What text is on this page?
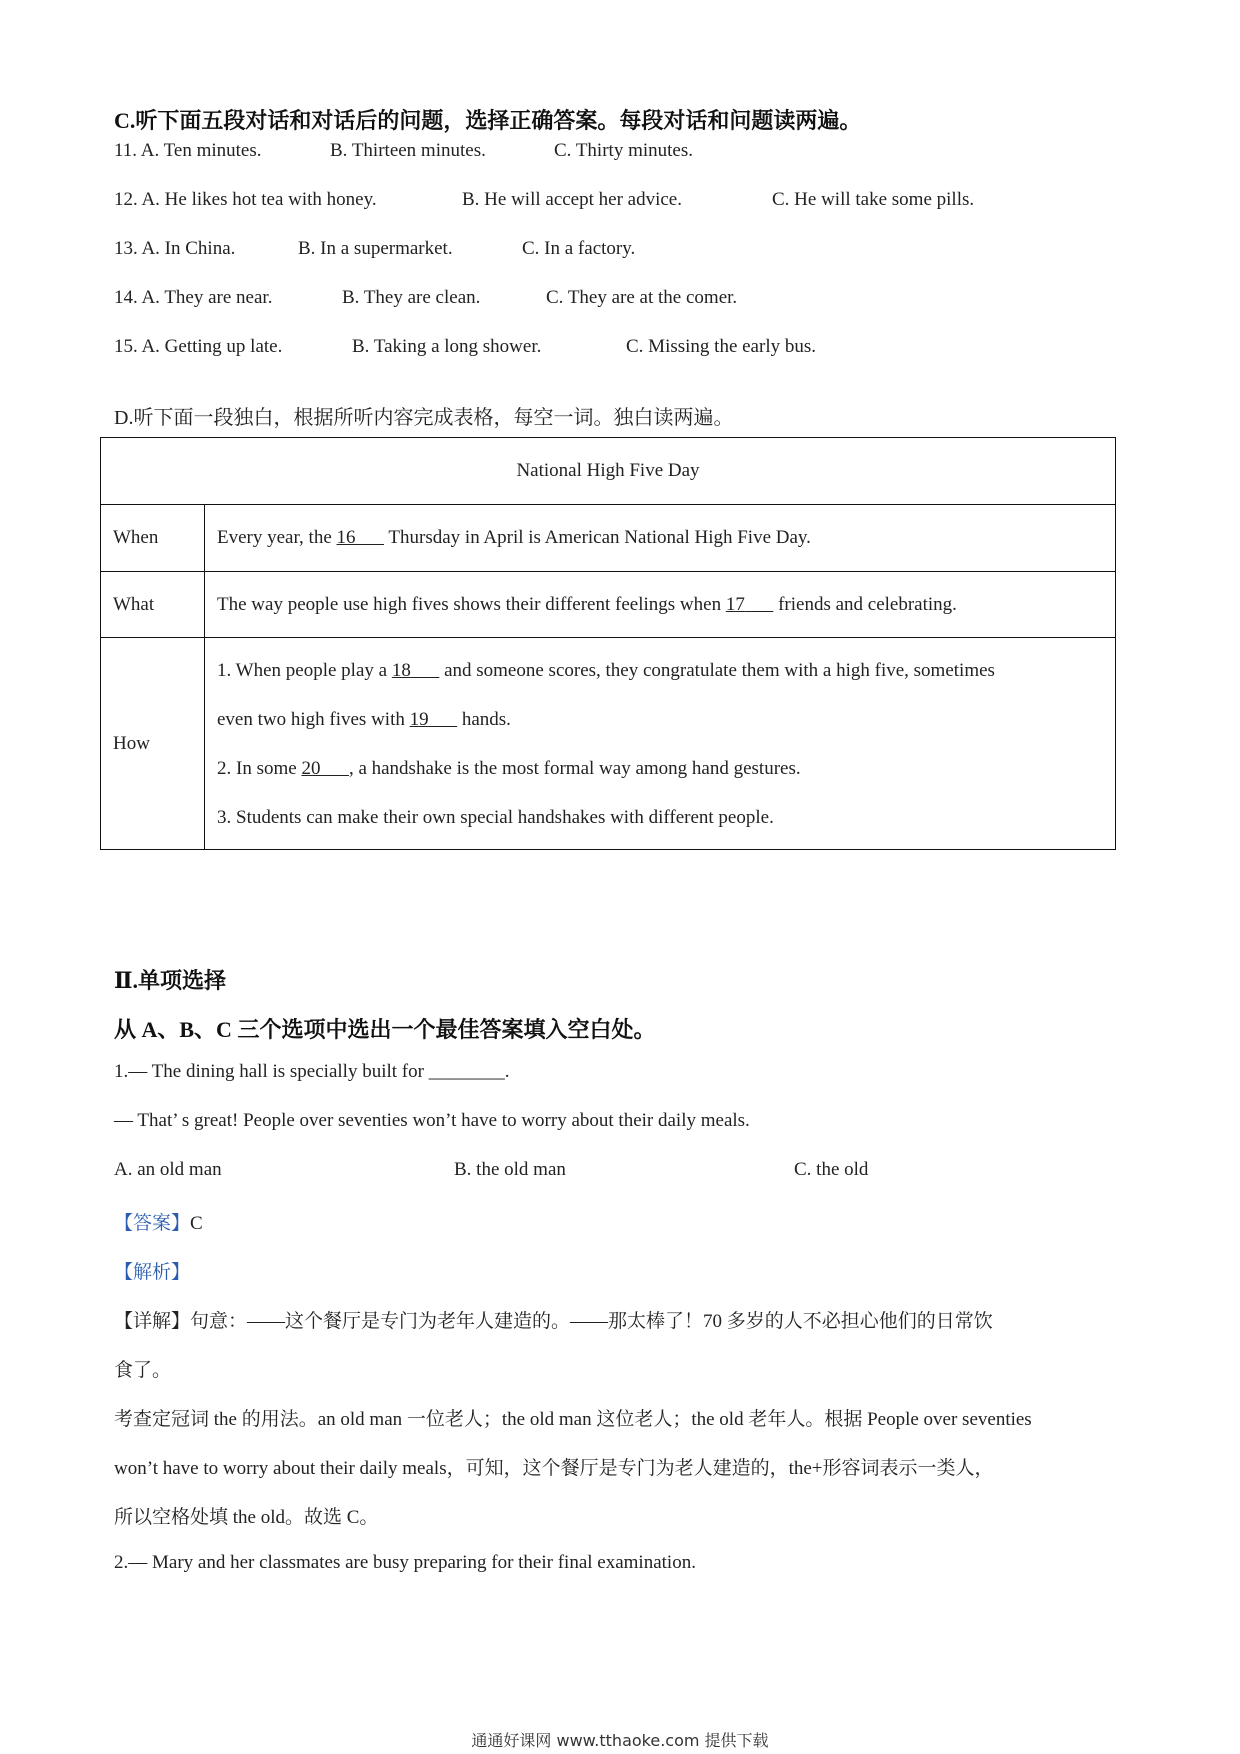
C.听下面五段对话和对话后的问题，选择正确答案。每段对话和问题读两遍。
11. A. Ten minutes.	B. Thirteen minutes.	C. Thirty minutes.
12. A. He likes hot tea with honey.	B. He will accept her advice.	C. He will take some pills.
13. A. In China.	B. In a supermarket.	C. In a factory.
14. A. They are near.	B. They are clean.	C. They are at the comer.
15. A. Getting up late.	B. Taking a long shower.	C. Missing the early bus.
D.听下面一段独白，根据所听内容完成表格，每空一词。独白读两遍。
National High Five Day	
When	Every year, the 16       Thursday in April is American National High Five Day.
What	The way people use high fives shows their different feelings when 17       friends and celebrating.
How	1. When people play a 18       and someone scores, they congratulate them with a high five, sometimes
even two high fives with 19       hands.
2. In some 20 , a handshake is the most formal way among hand gestures.
3. Students can make their own special handshakes with different people.
Ⅱ.单项选择
从 A、B、C 三个选项中选出一个最佳答案填入空白处。
1.— The dining hall is specially built for ________.
— That’ s great! People over seventies won’t have to worry about their daily meals.
A. an old man	B. the old man	C. the old
【答案】C
【解析】
【详解】句意：——这个餐厅是专门为老年人建造的。——那太棒了！70 多岁的人不必担心他们的日常饮
食了。
考查定冠词 the 的用法。an old man 一位老人；the old man 这位老人；the old 老年人。根据 People over seventies
won’t have to worry about their daily meals，可知，这个餐厅是专门为老人建造的，the+形容词表示一类人，
所以空格处填 the old。故选 C。
2.— Mary and her classmates are busy preparing for their final examination.
通通好课网 www.tthaoke.com 提供下载
